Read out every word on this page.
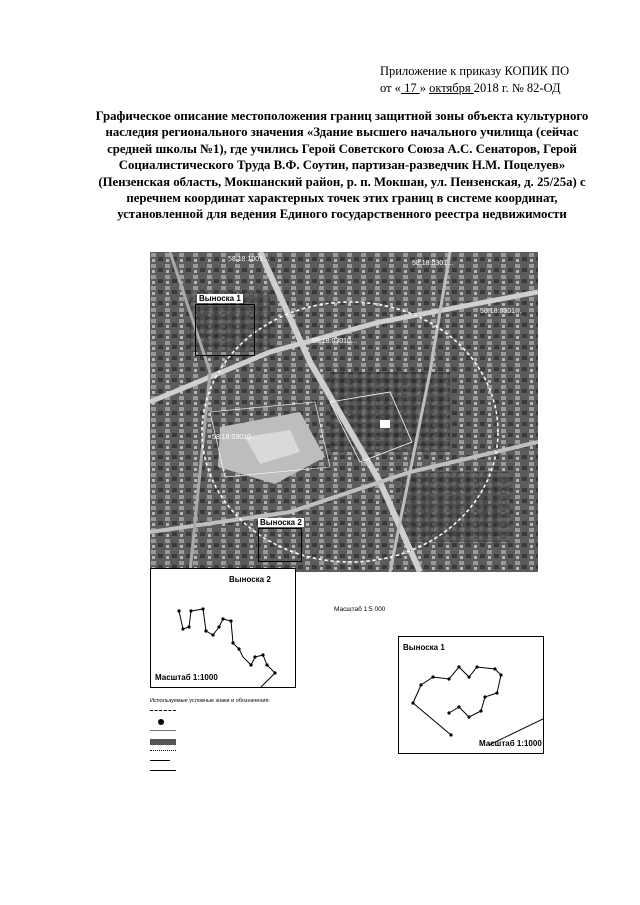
Приложение к приказу КОПИК ПО
от « 17 » октября 2018 г. № 82-ОД
Графическое описание местоположения границ защитной зоны объекта культурного наследия регионального значения «Здание высшего начального училища (сейчас средней школы №1), где учились Герой Советского Союза А.С. Сенаторов, Герой Социалистического Труда В.Ф. Соутин, партизан-разведчик Н.М. Поцелуев» (Пензенская область, Мокшанский район, р. п. Мокшан, ул. Пензенская, д. 25/25а) с перечнем координат характерных точек этих границ в системе координат, установленной для ведения Единого государственного реестра недвижимости
58:18:1001…
58:18:0301…
58:18:0301…
58:18:03010…
58:18:03010…
Выноска 1
Выноска 2
Выноска 2
Масштаб 1:1000
Масштаб 1:5 000
Выноска 1
Масштаб 1:1000
Используемые условные знаки и обозначения:
